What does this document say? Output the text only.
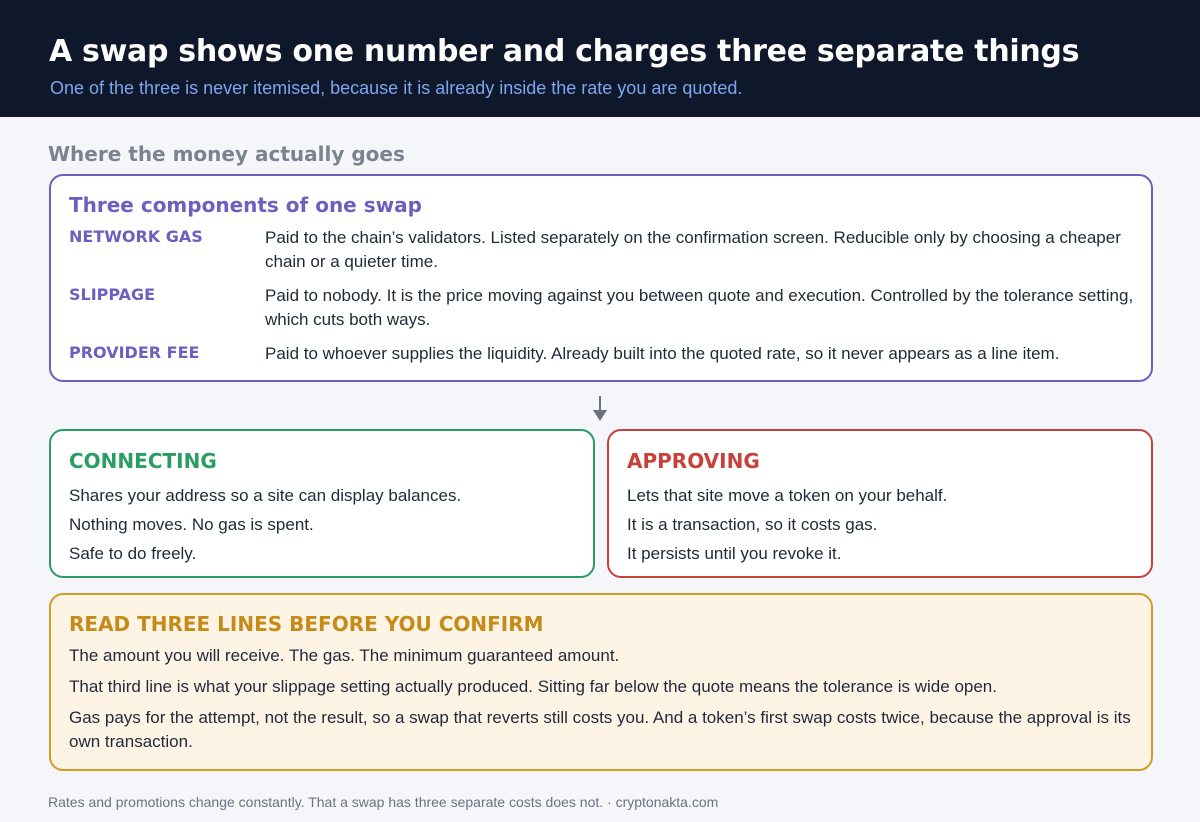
A swap shows one number and charges three separate things
One of the three is never itemised, because it is already inside the rate you are quoted.
Where the money actually goes
Three components of one swap
NETWORK GAS	Paid to the chain’s validators. Listed separately on the confirmation screen. Reducible only by choosing a cheaper chain or a quieter time.
SLIPPAGE	Paid to nobody. It is the price moving against you between quote and execution. Controlled by the tolerance setting, which cuts both ways.
PROVIDER FEE	Paid to whoever supplies the liquidity. Already built into the quoted rate, so it never appears as a line item.
CONNECTING
Shares your address so a site can display balances.
Nothing moves. No gas is spent.
Safe to do freely.
APPROVING
Lets that site move a token on your behalf.
It is a transaction, so it costs gas.
It persists until you revoke it.
READ THREE LINES BEFORE YOU CONFIRM
The amount you will receive. The gas. The minimum guaranteed amount.
That third line is what your slippage setting actually produced. Sitting far below the quote means the tolerance is wide open.
Gas pays for the attempt, not the result, so a swap that reverts still costs you. And a token’s first swap costs twice, because the approval is its own transaction.
Rates and promotions change constantly. That a swap has three separate costs does not. · cryptonakta.com
